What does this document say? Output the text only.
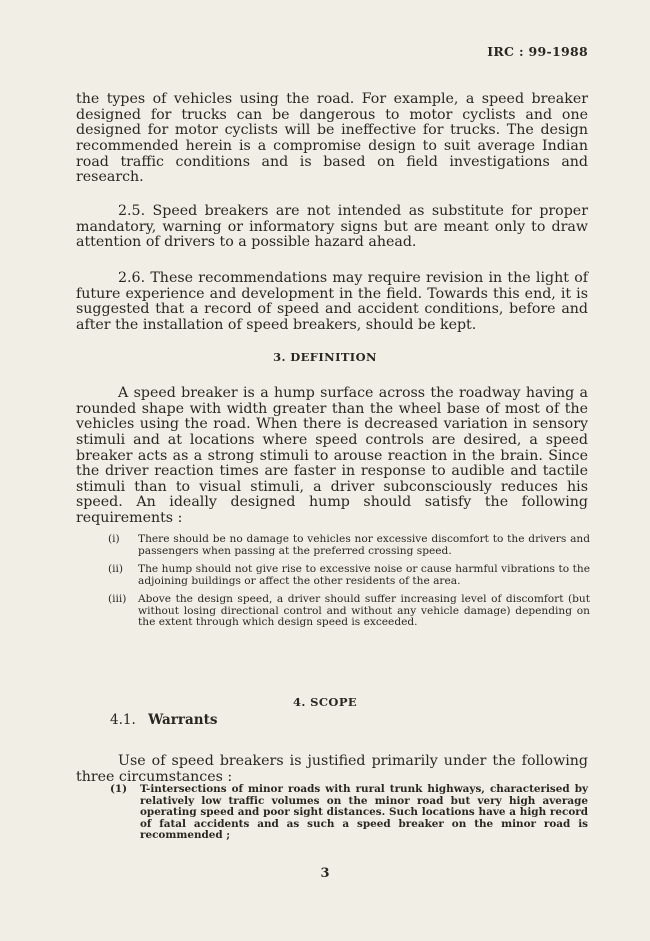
IRC : 99-1988

the types of vehicles using the road. For example, a speed breaker designed for trucks can be dangerous to motor cyclists and one designed for motor cyclists will be ineffective for trucks. The design recommended herein is a compromise design to suit average Indian road traffic conditions and is based on field investigations and research.

2.5. Speed breakers are not intended as substitute for proper mandatory, warning or informatory signs but are meant only to draw attention of drivers to a possible hazard ahead.

2.6. These recommendations may require revision in the light of future experience and development in the field. Towards this end, it is suggested that a record of speed and accident conditions, before and after the installation of speed breakers, should be kept.

3. DEFINITION

A speed breaker is a hump surface across the roadway having a rounded shape with width greater than the wheel base of most of the vehicles using the road. When there is decreased variation in sensory stimuli and at locations where speed controls are desired, a speed breaker acts as a strong stimuli to arouse reaction in the brain. Since the driver reaction times are faster in response to audible and tactile stimuli than to visual stimuli, a driver subconsciously reduces his speed. An ideally designed hump should satisfy the following requirements :

(i)	There should be no damage to vehicles nor excessive discomfort to the drivers and passengers when passing at the preferred crossing speed.
(ii)	The hump should not give rise to excessive noise or cause harmful vibrations to the adjoining buildings or affect the other residents of the area.
(iii)	Above the design speed, a driver should suffer increasing level of discomfort (but without losing directional control and without any vehicle damage) depending on the extent through which design speed is exceeded.
4. SCOPE
4.1. Warrants

Use of speed breakers is justified primarily under the following three circumstances :

(1)	T-intersections of minor roads with rural trunk highways, characterised by relatively low traffic volumes on the minor road but very high average operating speed and poor sight distances. Such locations have a high record of fatal accidents and as such a speed breaker on the minor road is recommended ;
3
